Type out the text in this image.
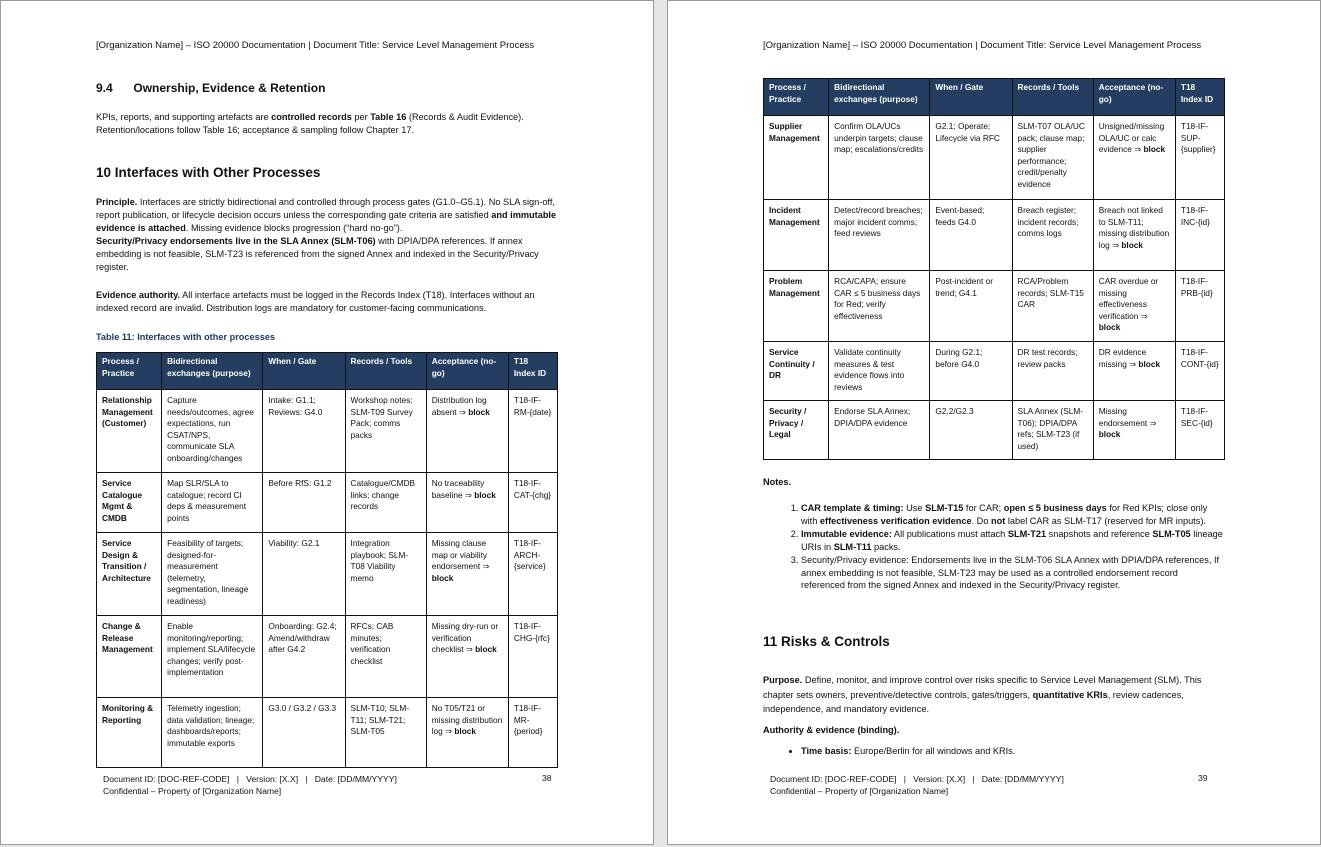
[Organization Name] – ISO 20000 Documentation | Document Title: Service Level Management Process
9.4 Ownership, Evidence & Retention

KPIs, reports, and supporting artefacts are controlled records per Table 16 (Records & Audit Evidence). Retention/locations follow Table 16; acceptance & sampling follow Chapter 17.

10 Interfaces with Other Processes

Principle. Interfaces are strictly bidirectional and controlled through process gates (G1.0–G5.1). No SLA sign-off, report publication, or lifecycle decision occurs unless the corresponding gate criteria are satisfied and immutable evidence is attached. Missing evidence blocks progression (“hard no-go”).
Security/Privacy endorsements live in the SLA Annex (SLM-T06) with DPIA/DPA references. If annex embedding is not feasible, SLM-T23 is referenced from the signed Annex and indexed in the Security/Privacy register.

Evidence authority. All interface artefacts must be logged in the Records Index (T18). Interfaces without an indexed record are invalid. Distribution logs are mandatory for customer-facing communications.

Table 11: Interfaces with other processes
Process / Practice	Bidirectional exchanges (purpose)	When / Gate	Records / Tools	Acceptance (no-go)	T18 Index ID
Relationship Management (Customer)	Capture needs/outcomes, agree expectations, run CSAT/NPS, communicate SLA onboarding/changes	Intake: G1.1; Reviews: G4.0	Workshop notes; SLM-T09 Survey Pack; comms packs	Distribution log absent ⇒ block	T18-IF-RM-{date}
Service Catalogue Mgmt & CMDB	Map SLR/SLA to catalogue; record CI deps & measurement points	Before RfS: G1.2	Catalogue/CMDB links; change records	No traceability baseline ⇒ block	T18-IF-CAT-{chg}
Service Design & Transition / Architecture	Feasibility of targets; designed-for-measurement (telemetry, segmentation, lineage readiness)	Viability: G2.1	Integration playbook; SLM-T08 Viability memo	Missing clause map or viability endorsement ⇒ block	T18-IF-ARCH-{service}
Change & Release Management	Enable monitoring/reporting; implement SLA/lifecycle changes; verify post-implementation	Onboarding: G2.4; Amend/withdraw after G4.2	RFCs; CAB minutes; verification checklist	Missing dry-run or verification checklist ⇒ block	T18-IF-CHG-{rfc}
Monitoring & Reporting	Telemetry ingestion; data validation; lineage; dashboards/reports; immutable exports	G3.0 / G3.2 / G3.3	SLM-T10; SLM-T11; SLM-T21; SLM-T05	No T05/T21 or missing distribution log ⇒ block	T18-IF-MR-{period}
Document ID: [DOC-REF-CODE]   |   Version: [X.X]   |   Date: [DD/MM/YYYY]
Confidential – Property of [Organization Name]
38
[Organization Name] – ISO 20000 Documentation | Document Title: Service Level Management Process
Process / Practice	Bidirectional exchanges (purpose)	When / Gate	Records / Tools	Acceptance (no-go)	T18 Index ID
Supplier Management	Confirm OLA/UCs underpin targets; clause map; escalations/credits	G2.1; Operate; Lifecycle via RFC	SLM-T07 OLA/UC pack; clause map; supplier performance; credit/penalty evidence	Unsigned/missing OLA/UC or calc evidence ⇒ block	T18-IF-SUP-{supplier}
Incident Management	Detect/record breaches; major incident comms; feed reviews	Event-based; feeds G4.0	Breach register; incident records; comms logs	Breach not linked to SLM-T11; missing distribution log ⇒ block	T18-IF-INC-{id}
Problem Management	RCA/CAPA; ensure CAR ≤ 5 business days for Red; verify effectiveness	Post-incident or trend; G4.1	RCA/Problem records; SLM-T15 CAR	CAR overdue or missing effectiveness verification ⇒ block	T18-IF-PRB-{id}
Service Continuity / DR	Validate continuity measures & test evidence flows into reviews	During G2.1; before G4.0	DR test records; review packs	DR evidence missing ⇒ block	T18-IF-CONT-{id}
Security / Privacy / Legal	Endorse SLA Annex; DPIA/DPA evidence	G2.2/G2.3	SLA Annex (SLM-T06); DPIA/DPA refs; SLM-T23 (if used)	Missing endorsement ⇒ block	T18-IF-SEC-{id}

Notes.

1. CAR template & timing: Use SLM-T15 for CAR; open ≤ 5 business days for Red KPIs; close only with effectiveness verification evidence. Do not label CAR as SLM-T17 (reserved for MR inputs).
2. Immutable evidence: All publications must attach SLM-T21 snapshots and reference SLM-T05 lineage URIs in SLM-T11 packs.
3. Security/Privacy evidence: Endorsements live in the SLM-T06 SLA Annex with DPIA/DPA references, If annex embedding is not feasible, SLM-T23 may be used as a controlled endorsement record referenced from the signed Annex and indexed in the Security/Privacy register.
11 Risks & Controls

Purpose. Define, monitor, and improve control over risks specific to Service Level Management (SLM). This chapter sets owners, preventive/detective controls, gates/triggers, quantitative KRIs, review cadences, independence, and mandatory evidence.

Authority & evidence (binding).

• Time basis: Europe/Berlin for all windows and KRIs.
Document ID: [DOC-REF-CODE]   |   Version: [X.X]   |   Date: [DD/MM/YYYY]
Confidential – Property of [Organization Name]
39
